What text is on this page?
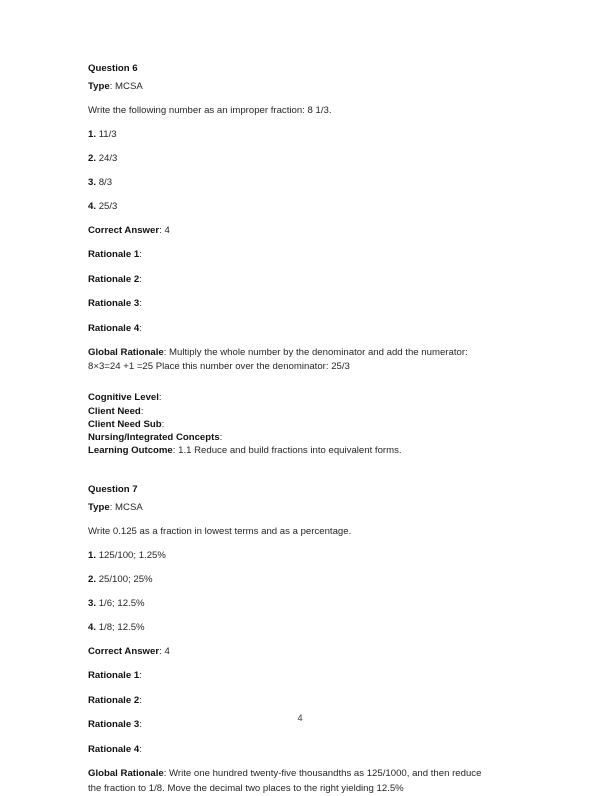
Question 6
Type: MCSA
Write the following number as an improper fraction: 8 1/3.
1. 11/3
2. 24/3
3. 8/3
4. 25/3
Correct Answer: 4
Rationale 1:
Rationale 2:
Rationale 3:
Rationale 4:
Global Rationale: Multiply the whole number by the denominator and add the numerator: 8×3=24 +1 =25 Place this number over the denominator: 25/3
Cognitive Level:
Client Need:
Client Need Sub:
Nursing/Integrated Concepts:
Learning Outcome: 1.1 Reduce and build fractions into equivalent forms.
Question 7
Type: MCSA
Write 0.125 as a fraction in lowest terms and as a percentage.
1. 125/100; 1.25%
2. 25/100; 25%
3. 1/6; 12.5%
4. 1/8; 12.5%
Correct Answer: 4
Rationale 1:
Rationale 2:
Rationale 3:
Rationale 4:
Global Rationale: Write one hundred twenty-five thousandths as 125/1000, and then reduce the fraction to 1/8. Move the decimal two places to the right yielding 12.5%
4
